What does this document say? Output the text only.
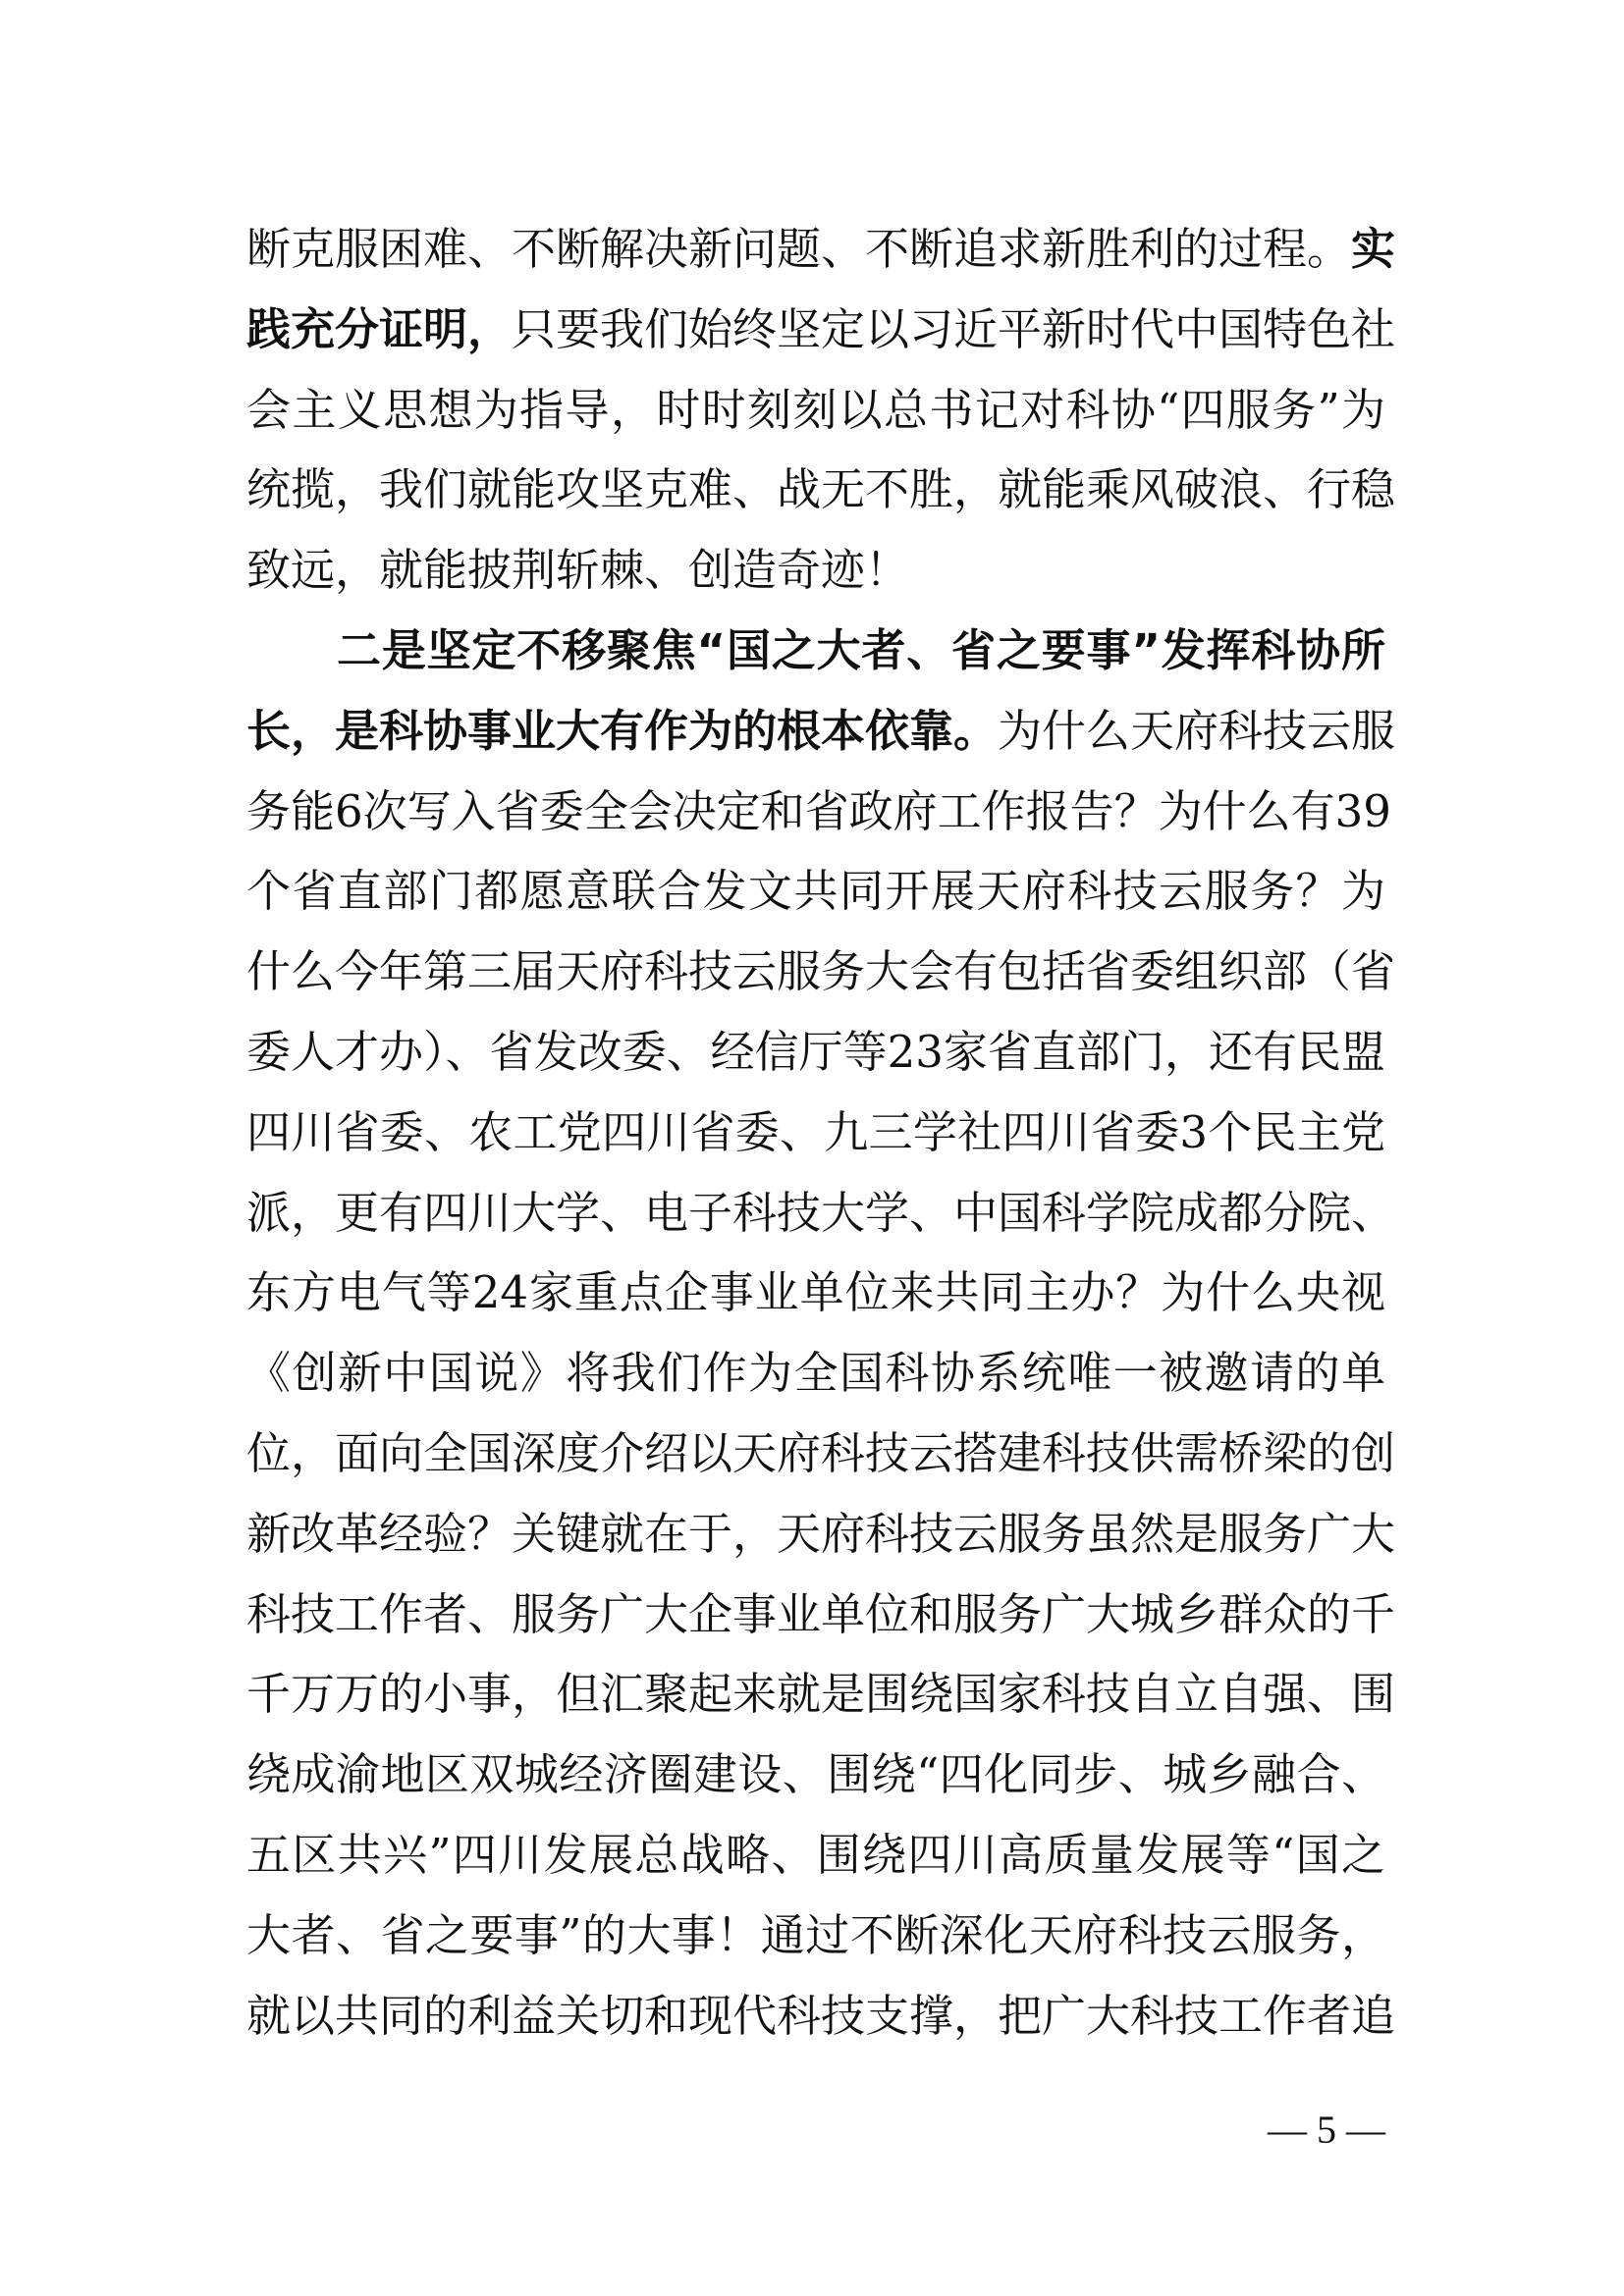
断克服困难、不断解决新问题、不断追求新胜利的过程。实
践充分证明，只要我们始终坚定以习近平新时代中国特色社
会主义思想为指导，时时刻刻以总书记对科协“四服务”为
统揽，我们就能攻坚克难、战无不胜，就能乘风破浪、行稳
致远，就能披荆斩棘、创造奇迹！
二是坚定不移聚焦“国之大者、省之要事”发挥科协所
长，是科协事业大有作为的根本依靠。为什么天府科技云服
务能6次写入省委全会决定和省政府工作报告？为什么有39
个省直部门都愿意联合发文共同开展天府科技云服务？为
什么今年第三届天府科技云服务大会有包括省委组织部（省
委人才办）、省发改委、经信厅等23家省直部门，还有民盟
四川省委、农工党四川省委、九三学社四川省委3个民主党
派，更有四川大学、电子科技大学、中国科学院成都分院、
东方电气等24家重点企事业单位来共同主办？为什么央视
《创新中国说》将我们作为全国科协系统唯一被邀请的单
位，面向全国深度介绍以天府科技云搭建科技供需桥梁的创
新改革经验？关键就在于，天府科技云服务虽然是服务广大
科技工作者、服务广大企事业单位和服务广大城乡群众的千
千万万的小事，但汇聚起来就是围绕国家科技自立自强、围
绕成渝地区双城经济圈建设、围绕“四化同步、城乡融合、
五区共兴”四川发展总战略、围绕四川高质量发展等“国之
大者、省之要事”的大事！通过不断深化天府科技云服务，
就以共同的利益关切和现代科技支撑，把广大科技工作者追
— 5 —
